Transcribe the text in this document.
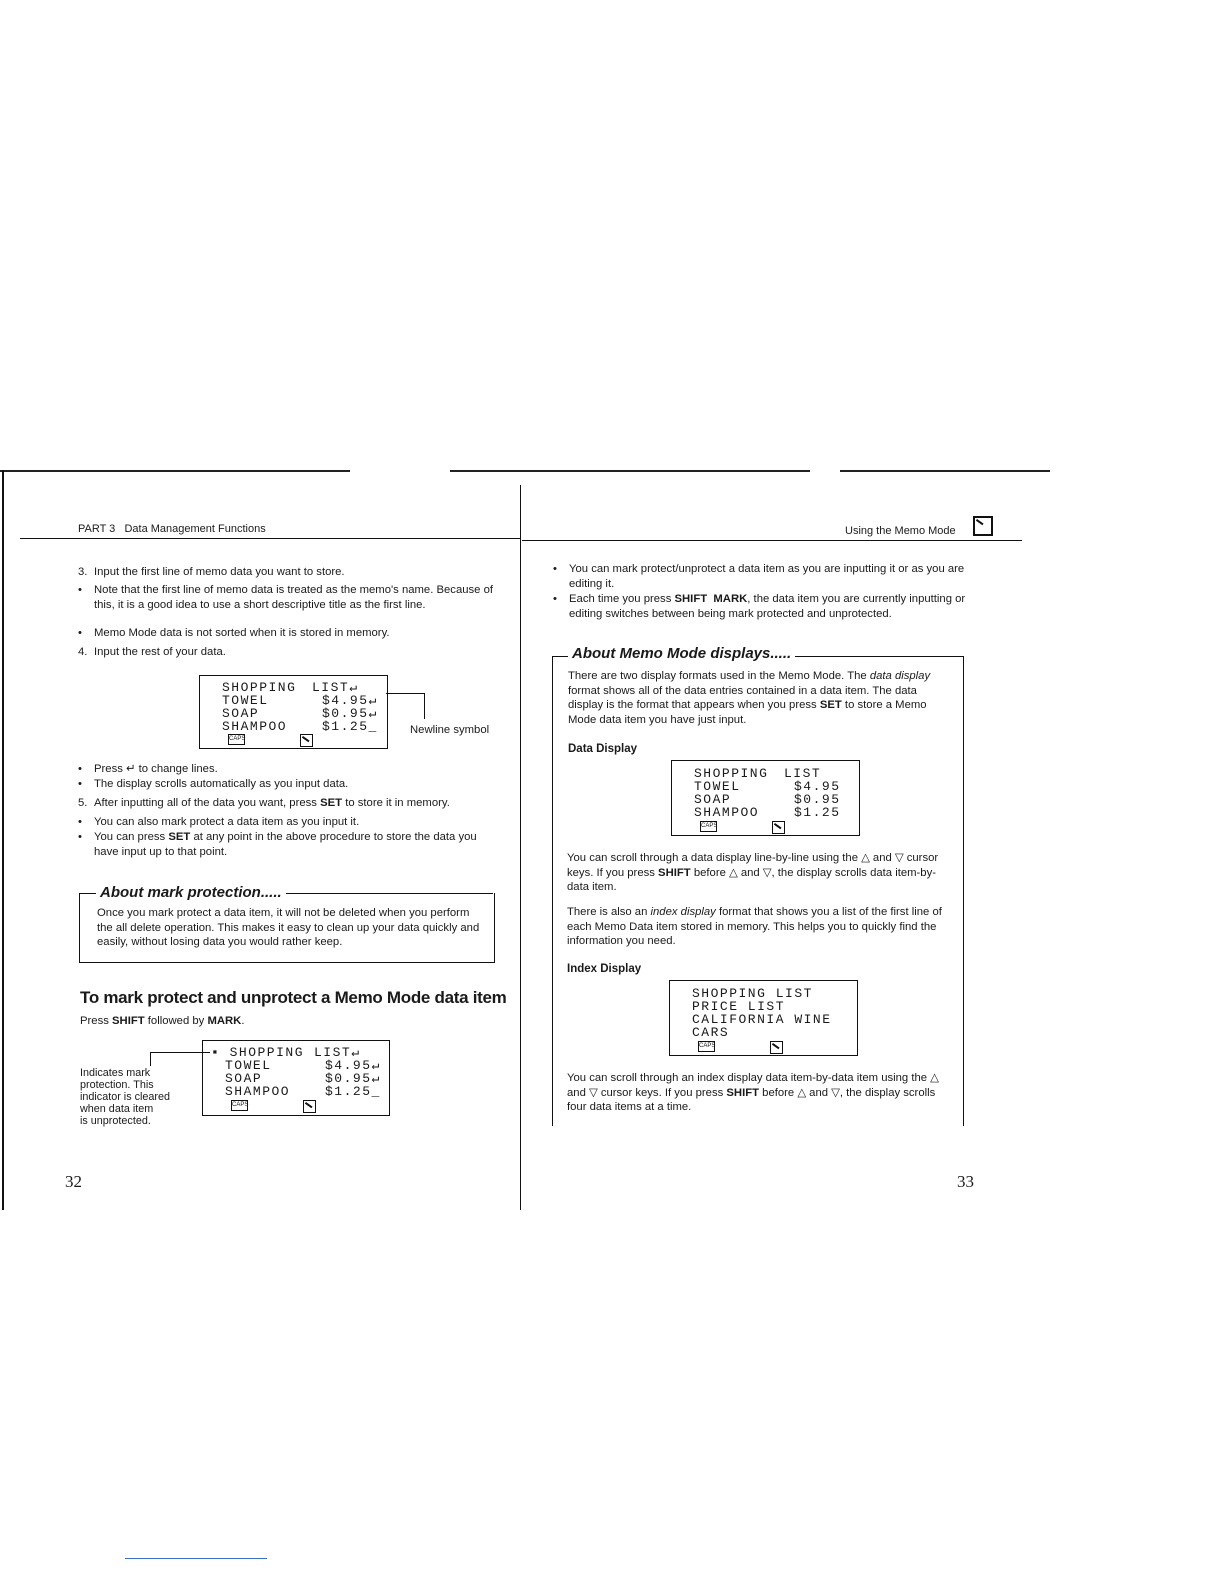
PART 3 Data Management Functions
3. Input the first line of memo data you want to store.
•	Note that the first line of memo data is treated as the memo's name. Because of this, it is a good idea to use a short descriptive title as the first line.
•	Memo Mode data is not sorted when it is stored in memory.
4. Input the rest of your data.
SHOPPING LIST↵
TOWEL	$4.95↵
SOAP	$0.95↵
SHAMPOO	$1.25_
CAPS
Newline symbol
•	Press ↵ to change lines.
•	The display scrolls automatically as you input data.
5. After inputting all of the data you want, press SET to store it in memory.
•	You can also mark protect a data item as you input it.
•	You can press SET at any point in the above procedure to store the data you have input up to that point.
About mark protection.....
Once you mark protect a data item, it will not be deleted when you perform the all delete operation. This makes it easy to clean up your data quickly and easily, without losing data you would rather keep.
To mark protect and unprotect a Memo Mode data item
Press SHIFT followed by MARK.
▪ SHOPPING LIST↵
TOWEL	$4.95↵
SOAP	$0.95↵
SHAMPOO	$1.25_
CAPS
Indicates mark
protection. This
indicator is cleared
when data item
is unprotected.
32
Using the Memo Mode
•	You can mark protect/unprotect a data item as you are inputting it or as you are editing it.
•	Each time you press SHIFT  MARK, the data item you are currently inputting or editing switches between being mark protected and unprotected.
About Memo Mode displays.....
There are two display formats used in the Memo Mode. The data display format shows all of the data entries contained in a data item. The data display is the format that appears when you press SET to store a Memo Mode data item you have just input.
Data Display
SHOPPING LIST
TOWEL	$4.95
SOAP	$0.95
SHAMPOO	$1.25
CAPS
You can scroll through a data display line-by-line using the △ and ▽ cursor keys. If you press SHIFT before △ and ▽, the display scrolls data item-by-data item.
There is also an index display format that shows you a list of the first line of each Memo Data item stored in memory. This helps you to quickly find the information you need.
Index Display
SHOPPING LIST
PRICE LIST
CALIFORNIA WINE
CARS
CAPS
You can scroll through an index display data item-by-data item using the △ and ▽ cursor keys. If you press SHIFT before △ and ▽, the display scrolls four data items at a time.
33
